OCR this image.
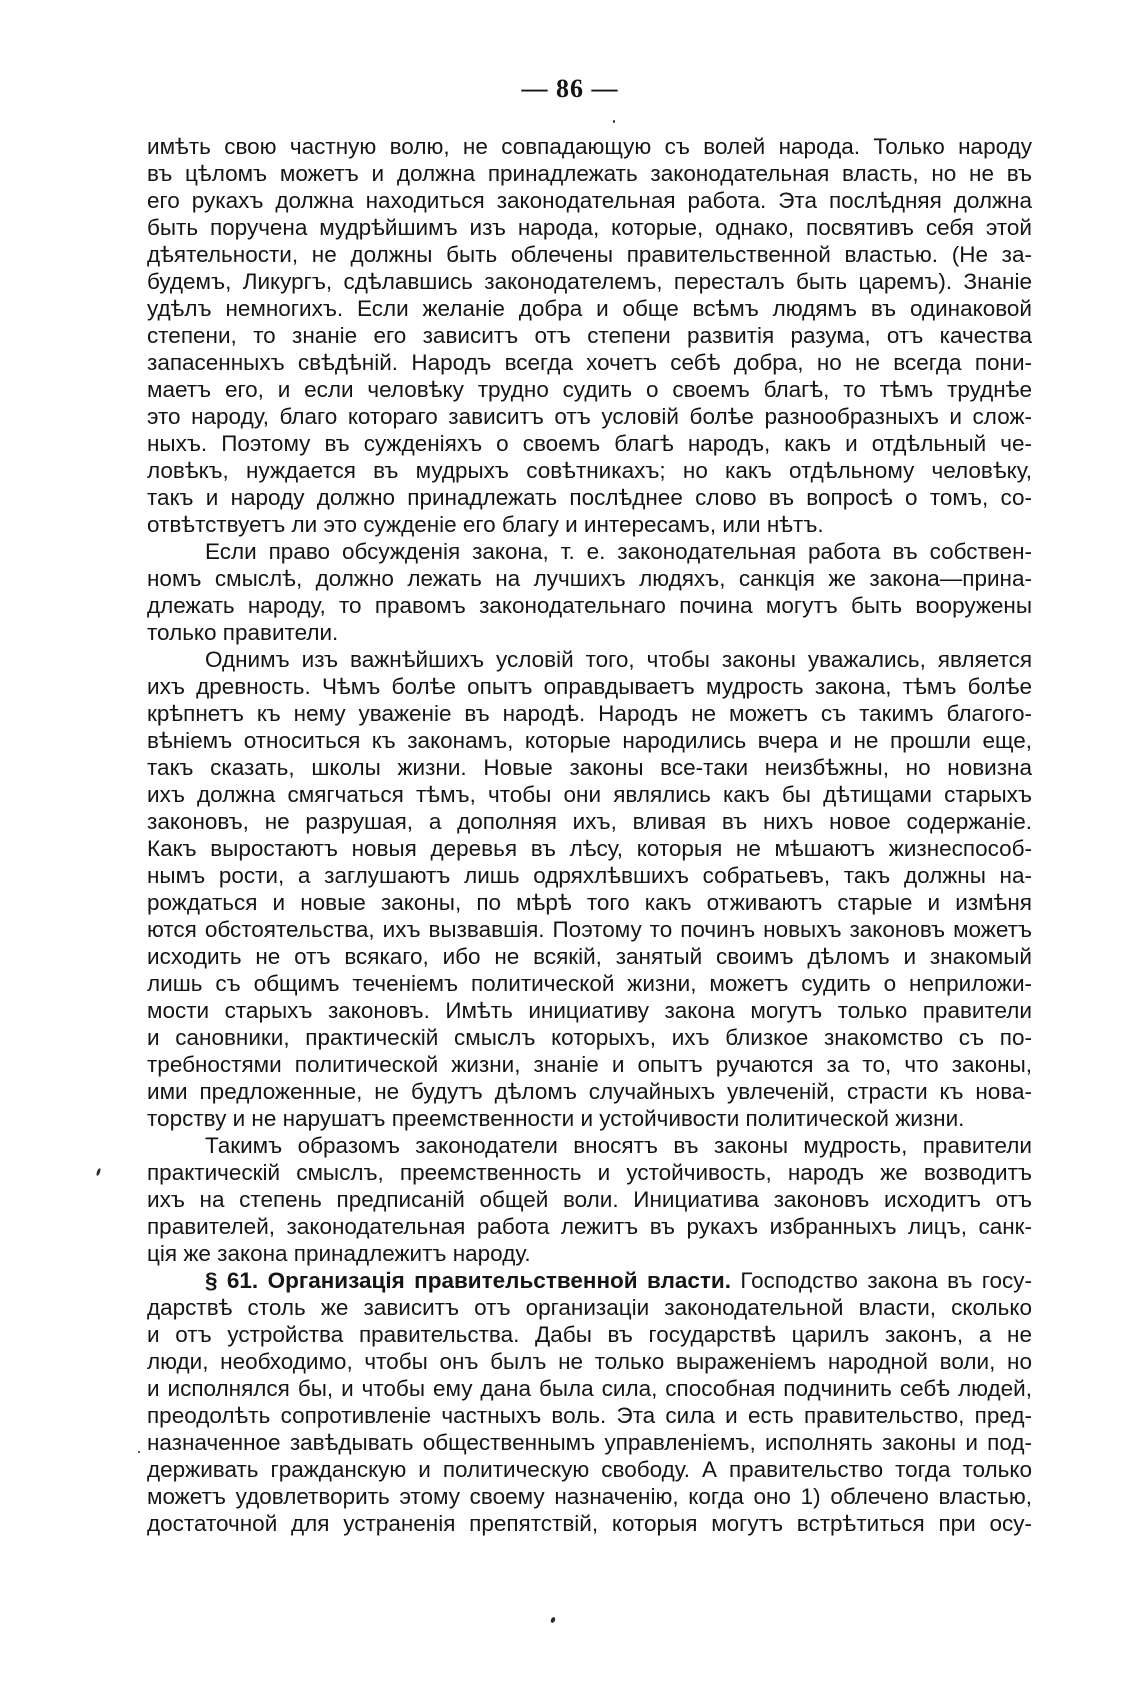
— 86 —

имѣть свою частную волю, не совпадающую съ волей народа. Только народу

въ цѣломъ можетъ и должна принадлежать законодательная власть, но не въ

его рукахъ должна находиться законодательная работа. Эта послѣдняя должна

быть поручена мудрѣйшимъ изъ народа, которые, однако, посвятивъ себя этой

дѣятельности, не должны быть облечены правительственной властью. (Не за-

будемъ, Ликургъ, сдѣлавшись законодателемъ, пересталъ быть царемъ). Знаніе

удѣлъ немногихъ. Если желаніе добра и обще всѣмъ людямъ въ одинаковой

степени, то знаніе его зависитъ отъ степени развитія разума, отъ качества

запасенныхъ свѣдѣній. Народъ всегда хочетъ себѣ добра, но не всегда пони-

маетъ его, и если человѣку трудно судить о своемъ благѣ, то тѣмъ труднѣе

это народу, благо котораго зависитъ отъ условій болѣе разнообразныхъ и слож-

ныхъ. Поэтому въ сужденіяхъ о своемъ благѣ народъ, какъ и отдѣльный че-

ловѣкъ, нуждается въ мудрыхъ совѣтникахъ; но какъ отдѣльному человѣку,

такъ и народу должно принадлежать послѣднее слово въ вопросѣ о томъ, со-

отвѣтствуетъ ли это сужденіе его благу и интересамъ, или нѣтъ.

Если право обсужденія закона, т. е. законодательная работа въ собствен-

номъ смыслѣ, должно лежать на лучшихъ людяхъ, санкція же закона—прина-

длежать народу, то правомъ законодательнаго почина могутъ быть вооружены

только правители.

Однимъ изъ важнѣйшихъ условій того, чтобы законы уважались, является

ихъ древность. Чѣмъ болѣе опытъ оправдываетъ мудрость закона, тѣмъ болѣе

крѣпнетъ къ нему уваженіе въ народѣ. Народъ не можетъ съ такимъ благого-

вѣніемъ относиться къ законамъ, которые народились вчера и не прошли еще,

такъ сказать, школы жизни. Новые законы все-таки неизбѣжны, но новизна

ихъ должна смягчаться тѣмъ, чтобы они являлись какъ бы дѣтищами старыхъ

законовъ, не разрушая, а дополняя ихъ, вливая въ нихъ новое содержаніе.

Какъ выростаютъ новыя деревья въ лѣсу, которыя не мѣшаютъ жизнеспособ-

нымъ рости, а заглушаютъ лишь одряхлѣвшихъ собратьевъ, такъ должны на-

рождаться и новые законы, по мѣрѣ того какъ отживаютъ старые и измѣня

ются обстоятельства, ихъ вызвавшія. Поэтому то починъ новыхъ законовъ можетъ

исходить не отъ всякаго, ибо не всякій, занятый своимъ дѣломъ и знакомый

лишь съ общимъ теченіемъ политической жизни, можетъ судить о неприложи-

мости старыхъ законовъ. Имѣть инициативу закона могутъ только правители

и сановники, практическій смыслъ которыхъ, ихъ близкое знакомство съ по-

требностями политической жизни, знаніе и опытъ ручаются за то, что законы,

ими предложенные, не будутъ дѣломъ случайныхъ увлеченій, страсти къ нова-

торству и не нарушатъ преемственности и устойчивости политической жизни.

Такимъ образомъ законодатели вносятъ въ законы мудрость, правители

практическій смыслъ, преемственность и устойчивость, народъ же возводитъ

ихъ на степень предписаній общей воли. Инициатива законовъ исходитъ отъ

правителей, законодательная работа лежитъ въ рукахъ избранныхъ лицъ, санк-

ція же закона принадлежитъ народу.

§ 61. Организація правительственной власти. Господство закона въ госу-

дарствѣ столь же зависитъ отъ организаціи законодательной власти, сколько

и отъ устройства правительства. Дабы въ государствѣ царилъ законъ, а не

люди, необходимо, чтобы онъ былъ не только выраженіемъ народной воли, но

и исполнялся бы, и чтобы ему дана была сила, способная подчинить себѣ людей,

преодолѣть сопротивленіе частныхъ воль. Эта сила и есть правительство, пред-

назначенное завѣдывать общественнымъ управленіемъ, исполнять законы и под-

держивать гражданскую и политическую свободу. А правительство тогда только

можетъ удовлетворить этому своему назначенію, когда оно 1) облечено властью,

достаточной для устраненія препятствій, которыя могутъ встрѣтиться при осу-
